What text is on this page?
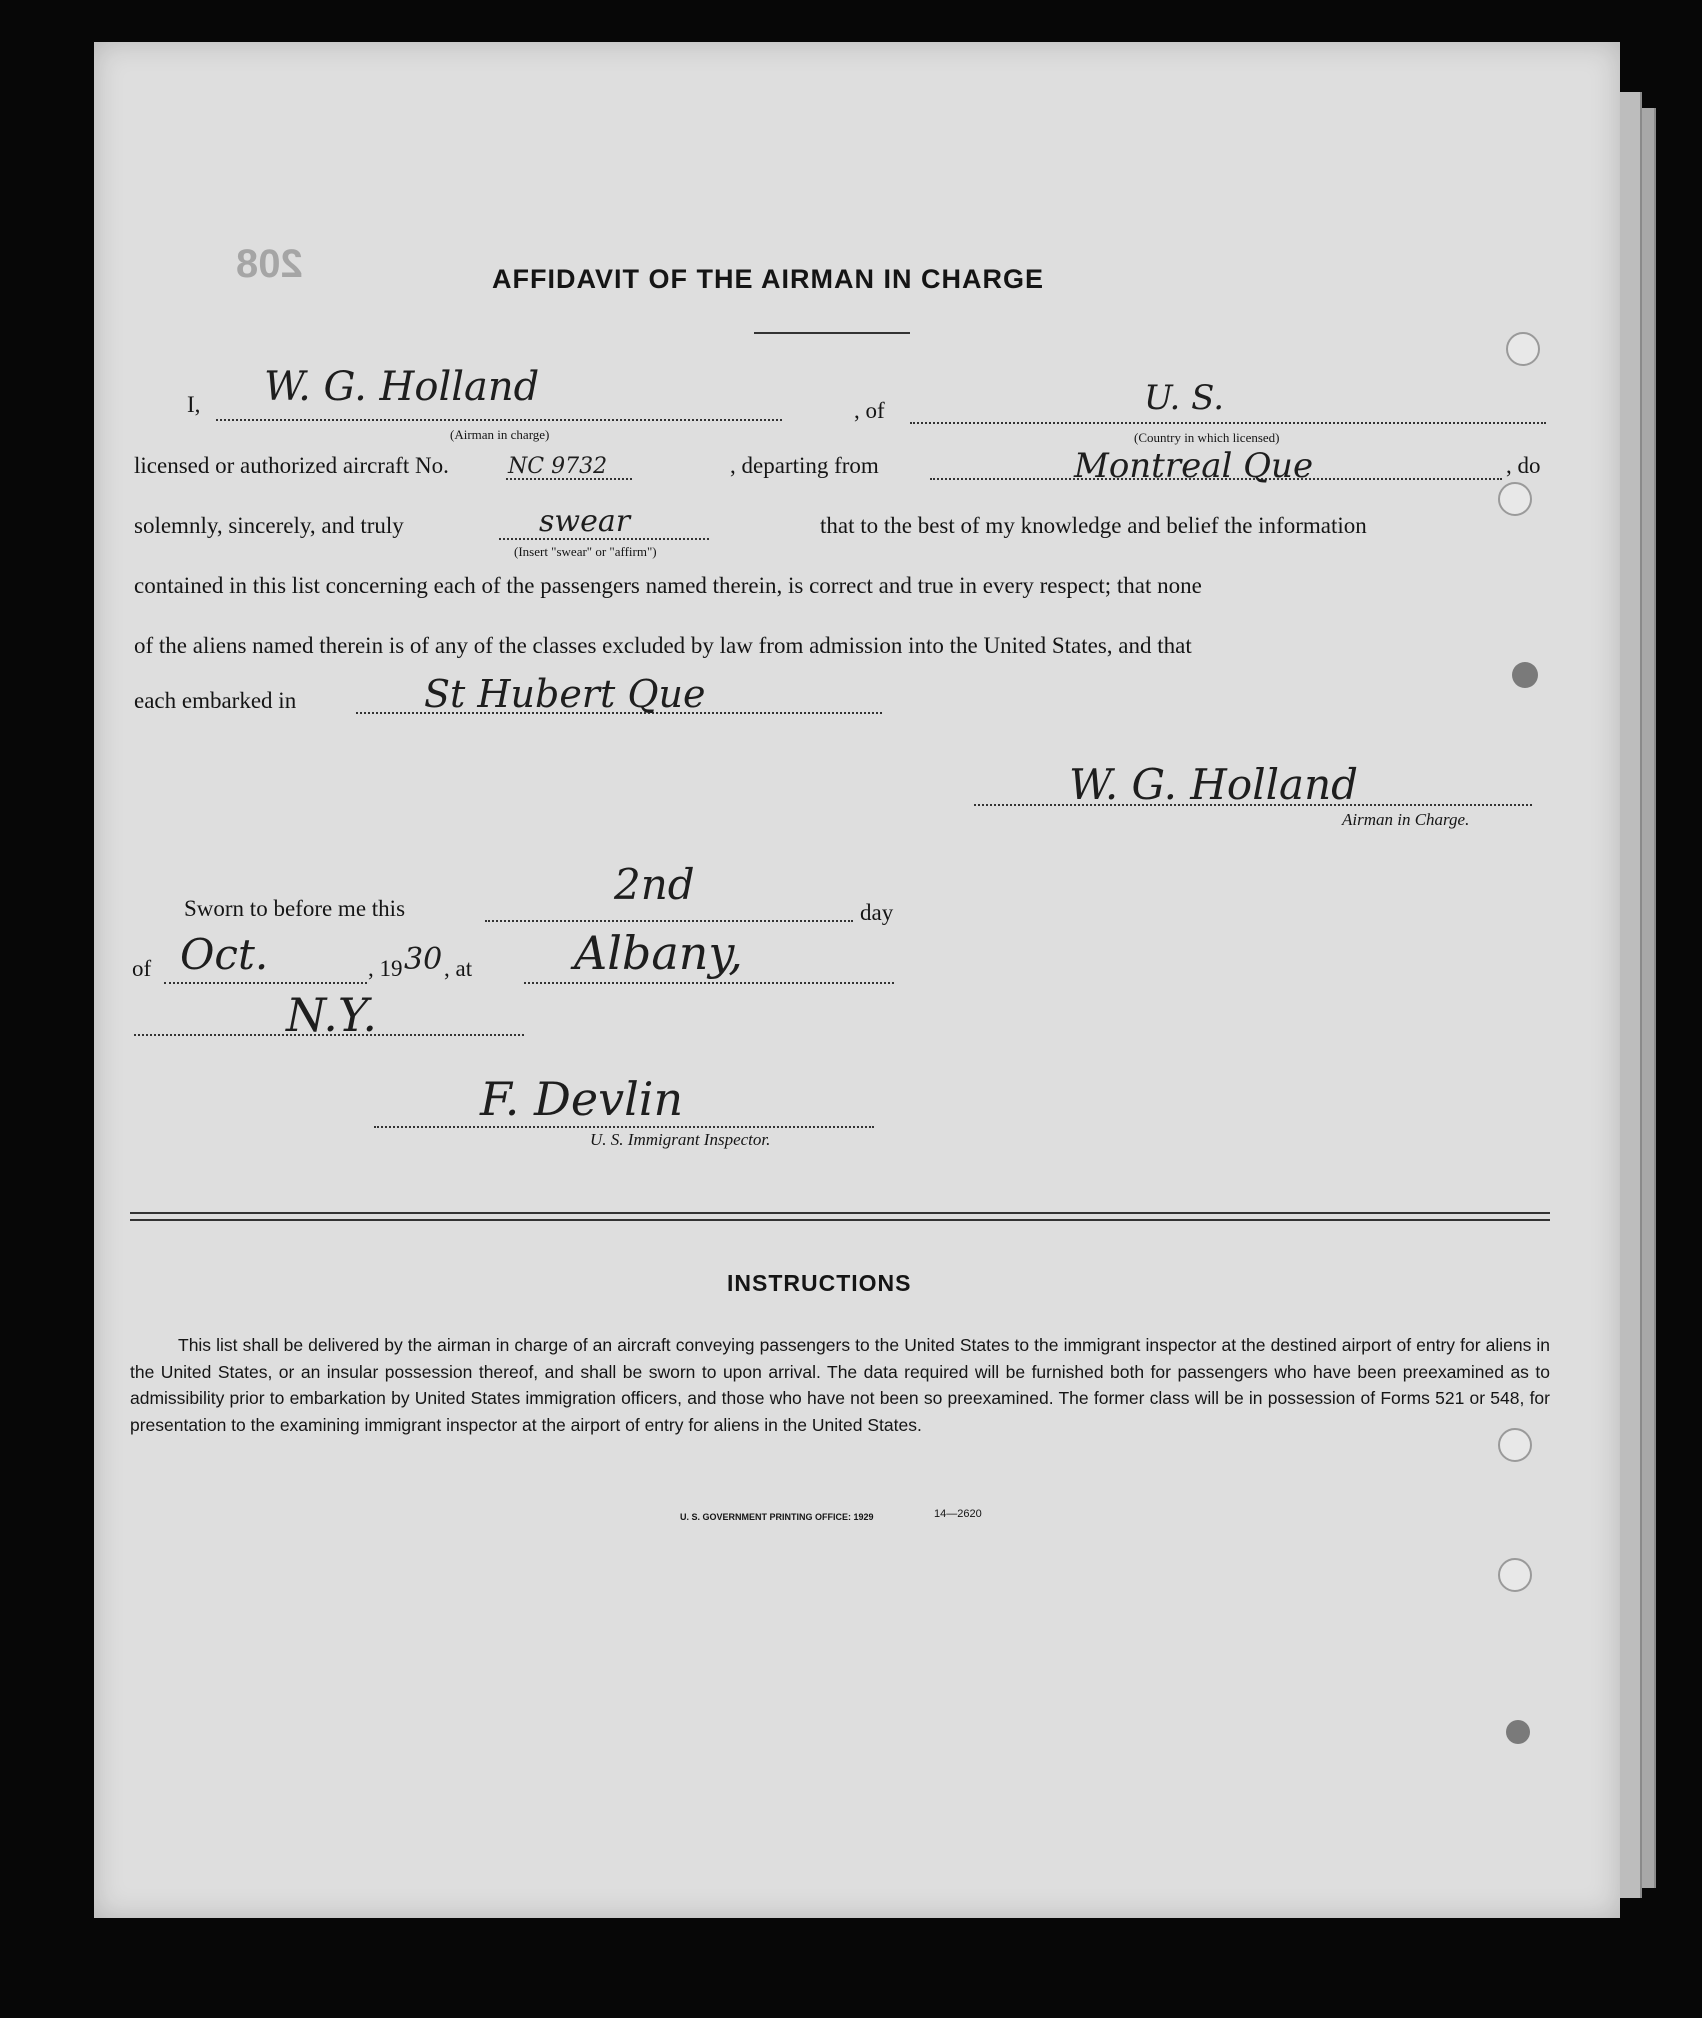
208	AFFIDAVIT OF THE AIRMAN IN CHARGE
I, W. G. Holland
(Airman in charge)
, of	U. S.
(Country in which licensed)
licensed or authorized aircraft No.	NC 9732	, departing from	Montreal Que	, do
solemnly, sincerely, and truly	swear
(Insert "swear" or "affirm")
that to the best of my knowledge and belief the information
contained in this list concerning each of the passengers named therein, is correct and true in every respect; that none
of the aliens named therein is of any of the classes excluded by law from admission into the United States, and that
each embarked in	St Hubert Que
W. G. Holland
Airman in Charge.
Sworn to before me this	2nd
day
of Oct.	, 19 30 , at Albany,
N.Y.
F. Devlin
U. S. Immigrant Inspector.
INSTRUCTIONS
This list shall be delivered by the airman in charge of an aircraft conveying passengers to the United States to the immigrant inspector at the destined airport of entry for aliens in the United States, or an insular possession thereof, and shall be sworn to upon arrival. The data required will be furnished both for passengers who have been preexamined as to admissibility prior to embarkation by United States immigration officers, and those who have not been so preexamined. The former class will be in possession of Forms 521 or 548, for presentation to the examining immigrant inspector at the airport of entry for aliens in the United States.
U. S. GOVERNMENT PRINTING OFFICE: 1929	14—2620
